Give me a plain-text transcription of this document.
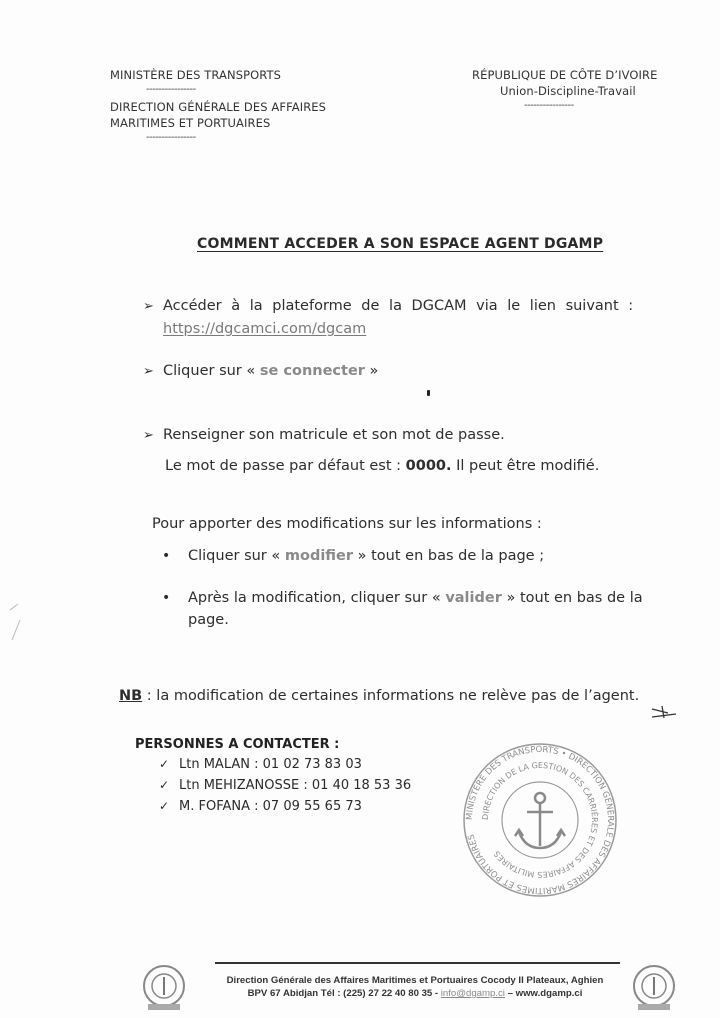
MINISTÈRE DES TRANSPORTS
----------------
DIRECTION GÉNÉRALE DES AFFAIRES
MARITIMES ET PORTUAIRES
----------------
RÉPUBLIQUE DE CÔTE D’IVOIRE
Union-Discipline-Travail
----------------
COMMENT ACCEDER A SON ESPACE AGENT DGAMP
➢ Accéder à la plateforme de la DGCAM via le lien suivant :
https://dgcamci.com/dgcam
➢ Cliquer sur « se connecter »
➢ Renseigner son matricule et son mot de passe.
Le mot de passe par défaut est : 0000. Il peut être modifié.
Pour apporter des modifications sur les informations :
• Cliquer sur « modifier » tout en bas de la page ;
•	Après la modification, cliquer sur « valider » tout en bas de la page.
NB : la modification de certaines informations ne relève pas de l’agent.
PERSONNES A CONTACTER :
✓ Ltn MALAN : 01 02 73 83 03
✓ Ltn MEHIZANOSSE : 01 40 18 53 36
✓ M. FOFANA : 07 09 55 65 73
MINISTÈRE DES TRANSPORTS • DIRECTION GÉNÉRALE DES AFFAIRES MARITIMES ET PORTUAIRES
DIRECTION DE LA GESTION DES CARRIÈRES ET DES AFFAIRES MILITAIRES
Direction Générale des Affaires Maritimes et Portuaires Cocody II Plateaux, Aghien
BPV 67 Abidjan Tél : (225) 27 22 40 80 35 - info@dgamp.ci – www.dgamp.ci
